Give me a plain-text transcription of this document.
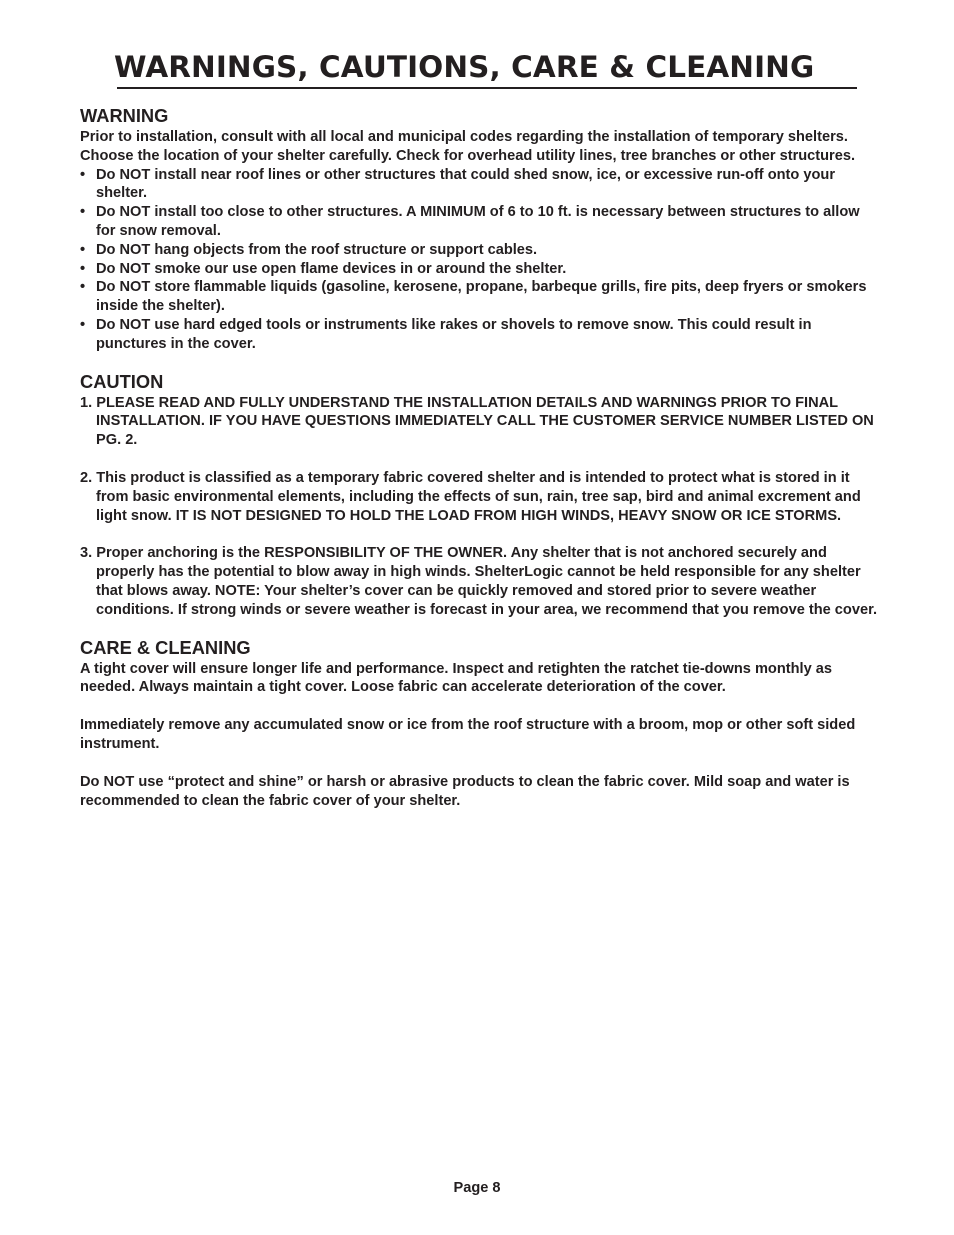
WARNINGS, CAUTIONS, CARE & CLEANING
WARNING

Prior to installation, consult with all local and municipal codes regarding the installation of temporary shelters. Choose the location of your shelter carefully. Check for overhead utility lines, tree branches or other structures.

• Do NOT install near roof lines or other structures that could shed snow, ice, or excessive run-off onto your shelter.
• Do NOT install too close to other structures. A MINIMUM of 6 to 10 ft. is necessary between structures to allow for snow removal.
• Do NOT hang objects from the roof structure or support cables.
• Do NOT smoke our use open flame devices in or around the shelter.
• Do NOT store flammable liquids (gasoline, kerosene, propane, barbeque grills, fire pits, deep fryers or smokers inside the shelter).
• Do NOT use hard edged tools or instruments like rakes or shovels to remove snow. This could result in punctures in the cover.
CAUTION

1. PLEASE READ AND FULLY UNDERSTAND THE INSTALLATION DETAILS AND WARNINGS PRIOR TO FINAL INSTALLATION. IF YOU HAVE QUESTIONS IMMEDIATELY CALL THE CUSTOMER SERVICE NUMBER LISTED ON PG. 2.

2. This product is classified as a temporary fabric covered shelter and is intended to protect what is stored in it from basic environmental elements, including the effects of sun, rain, tree sap, bird and animal excrement and light snow. IT IS NOT DESIGNED TO HOLD THE LOAD FROM HIGH WINDS, HEAVY SNOW OR ICE STORMS.

3. Proper anchoring is the RESPONSIBILITY OF THE OWNER. Any shelter that is not anchored securely and properly has the potential to blow away in high winds. ShelterLogic cannot be held responsible for any shelter that blows away. NOTE: Your shelter’s cover can be quickly removed and stored prior to severe weather conditions. If strong winds or severe weather is forecast in your area, we recommend that you remove the cover.

CARE & CLEANING

A tight cover will ensure longer life and performance. Inspect and retighten the ratchet tie-downs monthly as needed. Always maintain a tight cover. Loose fabric can accelerate deterioration of the cover.

Immediately remove any accumulated snow or ice from the roof structure with a broom, mop or other soft sided instrument.

Do NOT use “protect and shine” or harsh or abrasive products to clean the fabric cover. Mild soap and water is recommended to clean the fabric cover of your shelter.

Page 8
